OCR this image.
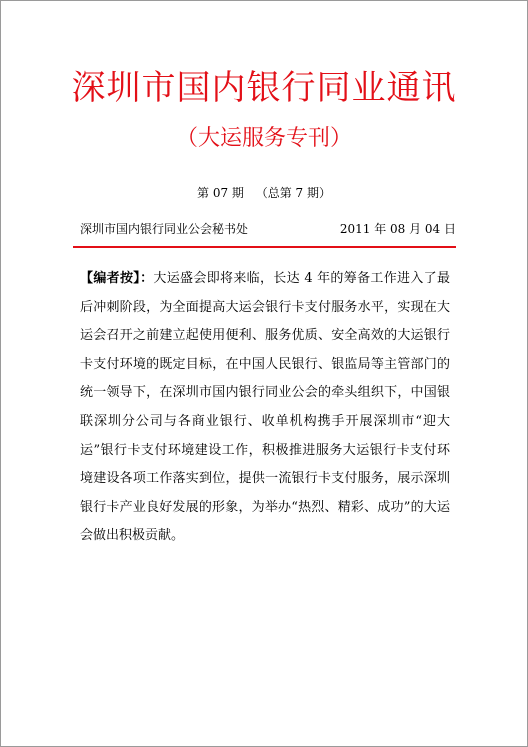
深圳市国内银行同业通讯
（大运服务专刊）
第 07 期 （总第 7 期）
深圳市国内银行同业公会秘书处	2011 年 08 月 04 日
【编者按】：大运盛会即将来临，长达 4 年的筹备工作进入了最后冲刺阶段，为全面提高大运会银行卡支付服务水平，实现在大运会召开之前建立起使用便利、服务优质、安全高效的大运银行卡支付环境的既定目标，在中国人民银行、银监局等主管部门的统一领导下，在深圳市国内银行同业公会的牵头组织下，中国银联深圳分公司与各商业银行、收单机构携手开展深圳市“迎大运”银行卡支付环境建设工作，积极推进服务大运银行卡支付环境建设各项工作落实到位，提供一流银行卡支付服务，展示深圳银行卡产业良好发展的形象，为举办“热烈、精彩、成功”的大运会做出积极贡献。
